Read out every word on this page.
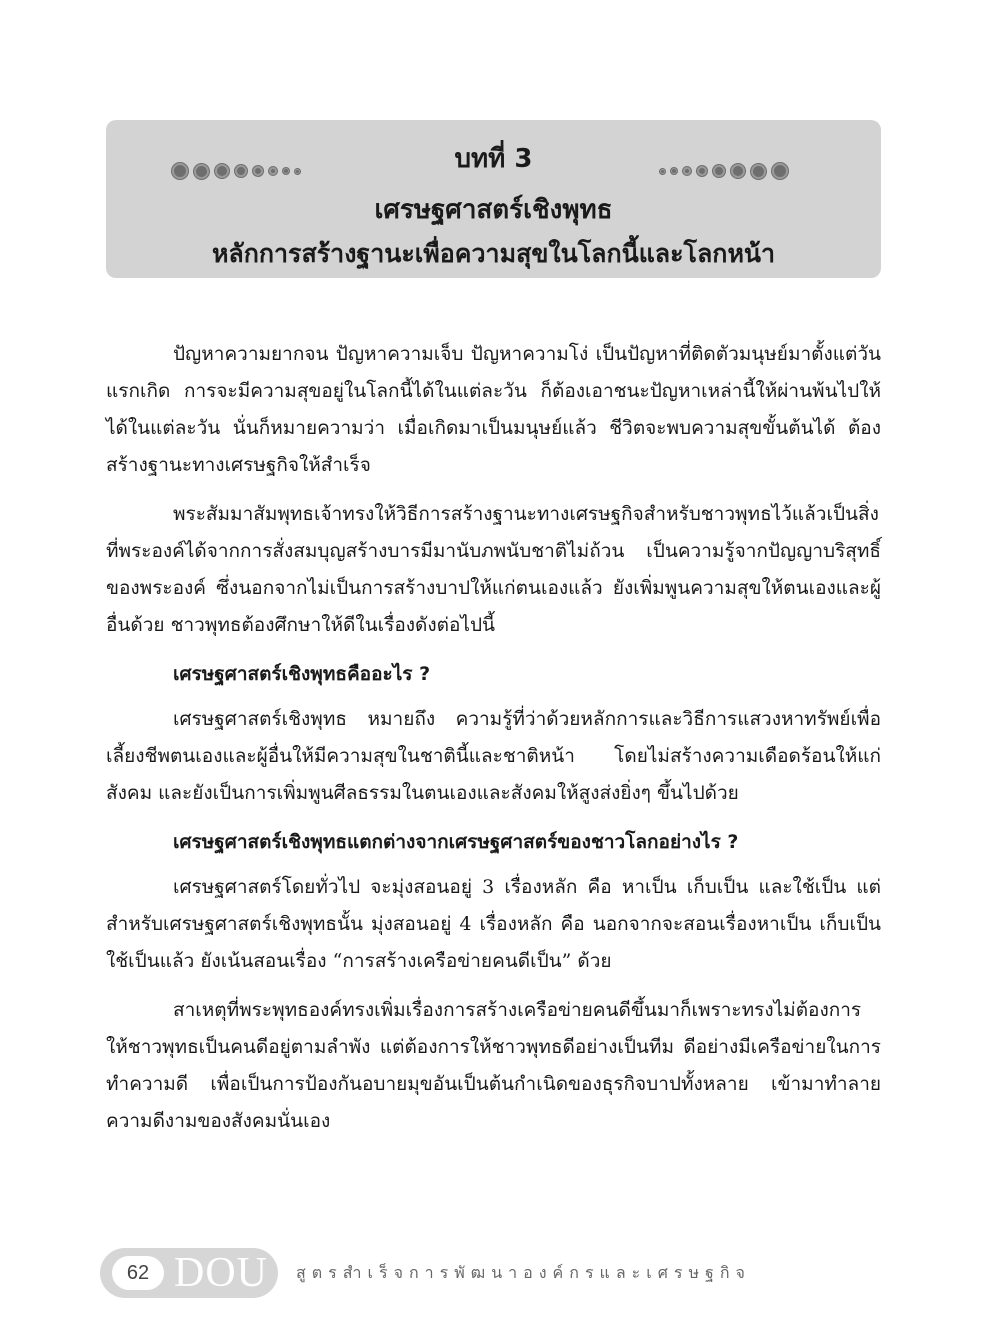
บทที่ 3
เศรษฐศาสตร์เชิงพุทธ
หลักการสร้างฐานะเพื่อความสุขในโลกนี้และโลกหน้า

ปัญหาความยากจน ปัญหาความเจ็บ ปัญหาความโง่ เป็นปัญหาที่ติดตัวมนุษย์มาตั้งแต่วันแรกเกิด การจะมีความสุขอยู่ในโลกนี้ได้ในแต่ละวัน ก็ต้องเอาชนะปัญหาเหล่านี้ให้ผ่านพ้นไปให้ได้ในแต่ละวัน นั่นก็หมายความว่า เมื่อเกิดมาเป็นมนุษย์แล้ว ชีวิตจะพบความสุขขั้นต้นได้ ต้องสร้างฐานะทางเศรษฐกิจให้สำเร็จ

พระสัมมาสัมพุทธเจ้าทรงให้วิธีการสร้างฐานะทางเศรษฐกิจสำหรับชาวพุทธไว้แล้วเป็นสิ่งที่พระองค์ได้จากการสั่งสมบุญสร้างบารมีมานับภพนับชาติไม่ถ้วน เป็นความรู้จากปัญญาบริสุทธิ์ของพระองค์ ซึ่งนอกจากไม่เป็นการสร้างบาปให้แก่ตนเองแล้ว ยังเพิ่มพูนความสุขให้ตนเองและผู้อื่นด้วย ชาวพุทธต้องศึกษาให้ดีในเรื่องดังต่อไปนี้

เศรษฐศาสตร์เชิงพุทธคืออะไร ?

เศรษฐศาสตร์เชิงพุทธ หมายถึง ความรู้ที่ว่าด้วยหลักการและวิธีการแสวงหาทรัพย์เพื่อเลี้ยงชีพตนเองและผู้อื่นให้มีความสุขในชาตินี้และชาติหน้า โดยไม่สร้างความเดือดร้อนให้แก่สังคม และยังเป็นการเพิ่มพูนศีลธรรมในตนเองและสังคมให้สูงส่งยิ่งๆ ขึ้นไปด้วย

เศรษฐศาสตร์เชิงพุทธแตกต่างจากเศรษฐศาสตร์ของชาวโลกอย่างไร ?

เศรษฐศาสตร์โดยทั่วไป จะมุ่งสอนอยู่ 3 เรื่องหลัก คือ หาเป็น เก็บเป็น และใช้เป็น แต่สำหรับเศรษฐศาสตร์เชิงพุทธนั้น มุ่งสอนอยู่ 4 เรื่องหลัก คือ นอกจากจะสอนเรื่องหาเป็น เก็บเป็น ใช้เป็นแล้ว ยังเน้นสอนเรื่อง “การสร้างเครือข่ายคนดีเป็น” ด้วย

สาเหตุที่พระพุทธองค์ทรงเพิ่มเรื่องการสร้างเครือข่ายคนดีขึ้นมาก็เพราะทรงไม่ต้องการให้ชาวพุทธเป็นคนดีอยู่ตามลำพัง แต่ต้องการให้ชาวพุทธดีอย่างเป็นทีม ดีอย่างมีเครือข่ายในการทำความดี เพื่อเป็นการป้องกันอบายมุขอันเป็นต้นกำเนิดของธุรกิจบาปทั้งหลาย เข้ามาทำลายความดีงามของสังคมนั่นเอง

62 DOU สูตรสำเร็จการพัฒนาองค์กรและเศรษฐกิจ
